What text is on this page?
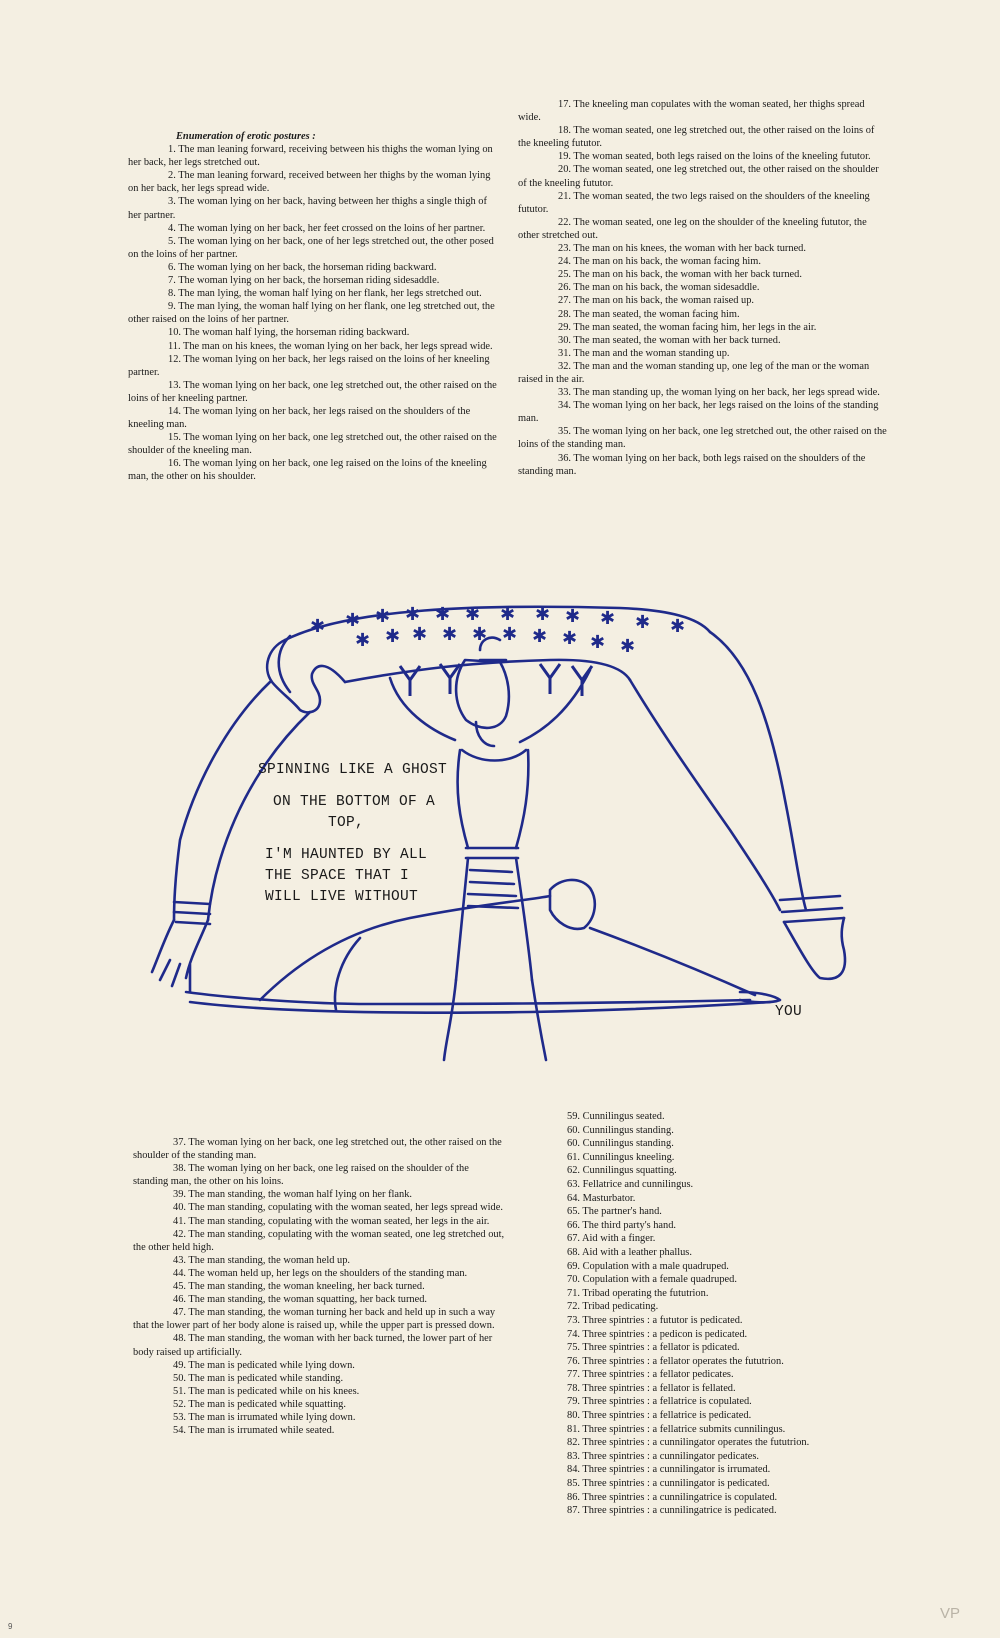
Enumeration of erotic postures :

1. The man leaning forward, receiving between his thighs the woman lying on her back, her legs stretched out.

2. The man leaning forward, received between her thighs by the woman lying on her back, her legs spread wide.

3. The woman lying on her back, having between her thighs a single thigh of her partner.

4. The woman lying on her back, her feet crossed on the loins of her partner.

5. The woman lying on her back, one of her legs stretched out, the other posed on the loins of her partner.

6. The woman lying on her back, the horseman riding backward.

7. The woman lying on her back, the horseman riding sidesaddle.

8. The man lying, the woman half lying on her flank, her legs stretched out.

9. The man lying, the woman half lying on her flank, one leg stretched out, the other raised on the loins of her partner.

10. The woman half lying, the horseman riding backward.

11. The man on his knees, the woman lying on her back, her legs spread wide.

12. The woman lying on her back, her legs raised on the loins of her kneeling partner.

13. The woman lying on her back, one leg stretched out, the other raised on the loins of her kneeling partner.

14. The woman lying on her back, her legs raised on the shoulders of the kneeling man.

15. The woman lying on her back, one leg stretched out, the other raised on the shoulder of the kneeling man.

16. The woman lying on her back, one leg raised on the loins of the kneeling man, the other on his shoulder.

17. The kneeling man copulates with the woman seated, her thighs spread wide.

18. The woman seated, one leg stretched out, the other raised on the loins of the kneeling fututor.

19. The woman seated, both legs raised on the loins of the kneeling fututor.

20. The woman seated, one leg stretched out, the other raised on the shoulder of the kneeling fututor.

21. The woman seated, the two legs raised on the shoulders of the kneeling fututor.

22. The woman seated, one leg on the shoulder of the kneeling fututor, the other stretched out.

23. The man on his knees, the woman with her back turned.

24. The man on his back, the woman facing him.

25. The man on his back, the woman with her back turned.

26. The man on his back, the woman sidesaddle.

27. The man on his back, the woman raised up.

28. The man seated, the woman facing him.

29. The man seated, the woman facing him, her legs in the air.

30. The man seated, the woman with her back turned.

31. The man and the woman standing up.

32. The man and the woman standing up, one leg of the man or the woman raised in the air.

33. The man standing up, the woman lying on her back, her legs spread wide.

34. The woman lying on her back, her legs raised on the loins of the standing man.

35. The woman lying on her back, one leg stretched out, the other raised on the loins of the standing man.

36. The woman lying on her back, both legs raised on the shoulders of the standing man.

✱ ✱ ✱ ✱ ✱ ✱ ✱ ✱ ✱ ✱ ✱ ✱
✱ ✱ ✱ ✱ ✱ ✱ ✱ ✱ ✱ ✱
SPINNING LIKE A GHOST
ON THE BOTTOM OF A
TOP,
I'M HAUNTED BY ALL
THE SPACE THAT I
WILL LIVE WITHOUT
YOU

37. The woman lying on her back, one leg stretched out, the other raised on the shoulder of the standing man.

38. The woman lying on her back, one leg raised on the shoulder of the standing man, the other on his loins.

39. The man standing, the woman half lying on her flank.

40. The man standing, copulating with the woman seated, her legs spread wide.

41. The man standing, copulating with the woman seated, her legs in the air.

42. The man standing, copulating with the woman seated, one leg stretched out, the other held high.

43. The man standing, the woman held up.

44. The woman held up, her legs on the shoulders of the standing man.

45. The man standing, the woman kneeling, her back turned.

46. The man standing, the woman squatting, her back turned.

47. The man standing, the woman turning her back and held up in such a way that the lower part of her body alone is raised up, while the upper part is pressed down.

48. The man standing, the woman with her back turned, the lower part of her body raised up artificially.

49. The man is pedicated while lying down.

50. The man is pedicated while standing.

51. The man is pedicated while on his knees.

52. The man is pedicated while squatting.

53. The man is irrumated while lying down.

54. The man is irrumated while seated.

59. Cunnilingus seated.

60. Cunnilingus standing.

60. Cunnilingus standing.

61. Cunnilingus kneeling.

62. Cunnilingus squatting.

63. Fellatrice and cunnilingus.

64. Masturbator.

65. The partner's hand.

66. The third party's hand.

67. Aid with a finger.

68. Aid with a leather phallus.

69. Copulation with a male quadruped.

70. Copulation with a female quadruped.

71. Tribad operating the fututrion.

72. Tribad pedicating.

73. Three spintries : a fututor is pedicated.

74. Three spintries : a pedicon is pedicated.

75. Three spintries : a fellator is pdicated.

76. Three spintries : a fellator operates the fututrion.

77. Three spintries : a fellator pedicates.

78. Three spintries : a fellator is fellated.

79. Three spintries : a fellatrice is copulated.

80. Three spintries : a fellatrice is pedicated.

81. Three spintries : a fellatrice submits cunnilingus.

82. Three spintries : a cunnilingator operates the fututrion.

83. Three spintries : a cunnilingator pedicates.

84. Three spintries : a cunnilingator is irrumated.

85. Three spintries : a cunnilingator is pedicated.

86. Three spintries : a cunnilingatrice is copulated.

87. Three spintries : a cunnilingatrice is pedicated.

VP
9
